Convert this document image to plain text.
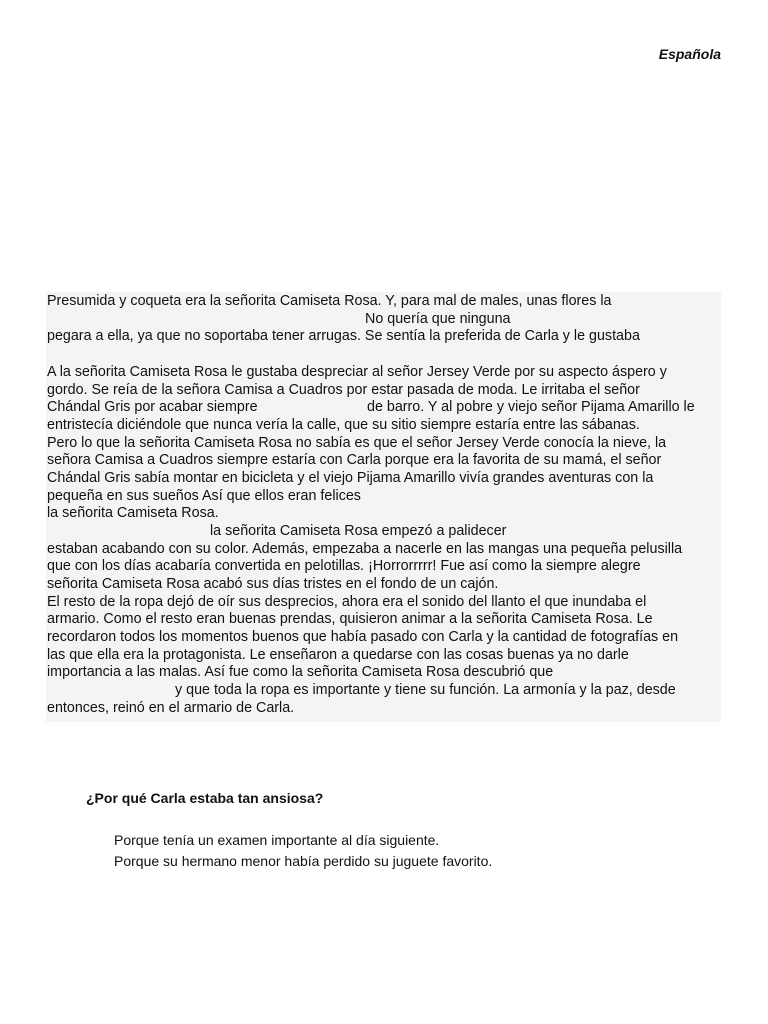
Española
Presumida y coqueta era la señorita Camiseta Rosa. Y, para mal de males, unas flores la
No quería que ninguna
pegara a ella, ya que no soportaba tener arrugas. Se sentía la preferida de Carla y le gustaba
A la señorita Camiseta Rosa le gustaba despreciar al señor Jersey Verde por su aspecto áspero y
gordo. Se reía de la señora Camisa a Cuadros por estar pasada de moda. Le irritaba el señor
Chándal Gris por acabar siempre	de barro. Y al pobre y viejo señor Pijama Amarillo le
entristecía diciéndole que nunca vería la calle, que su sitio siempre estaría entre las sábanas.
Pero lo que la señorita Camiseta Rosa no sabía es que el señor Jersey Verde conocía la nieve, la
señora Camisa a Cuadros siempre estaría con Carla porque era la favorita de su mamá, el señor
Chándal Gris sabía montar en bicicleta y el viejo Pijama Amarillo vivía grandes aventuras con la
pequeña en sus sueños Así que ellos eran felices
la señorita Camiseta Rosa.
la señorita Camiseta Rosa empezó a palidecer
estaban acabando con su color. Además, empezaba a nacerle en las mangas una pequeña pelusilla
que con los días acabaría convertida en pelotillas. ¡Horrorrrrr! Fue así como la siempre alegre
señorita Camiseta Rosa acabó sus días tristes en el fondo de un cajón.
El resto de la ropa dejó de oír sus desprecios, ahora era el sonido del llanto el que inundaba el
armario. Como el resto eran buenas prendas, quisieron animar a la señorita Camiseta Rosa. Le
recordaron todos los momentos buenos que había pasado con Carla y la cantidad de fotografías en
las que ella era la protagonista. Le enseñaron a quedarse con las cosas buenas ya no darle
importancia a las malas. Así fue como la señorita Camiseta Rosa descubrió que
y que toda la ropa es importante y tiene su función. La armonía y la paz, desde
entonces, reinó en el armario de Carla.
¿Por qué Carla estaba tan ansiosa?
Porque tenía un examen importante al día siguiente.
Porque su hermano menor había perdido su juguete favorito.
